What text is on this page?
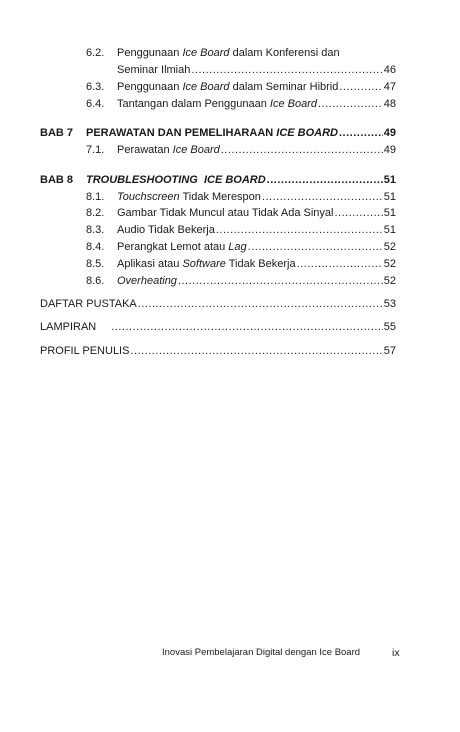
6.2. Penggunaan Ice Board dalam Konferensi dan
Seminar Ilmiah .....	46
6.3. Penggunaan Ice Board dalam Seminar Hibrid .....	47
6.4. Tantangan dalam Penggunaan Ice Board .....	48
BAB 7 PERAWATAN DAN PEMELIHARAAN ICE BOARD .....	49
7.1. Perawatan Ice Board .....	49
BAB 8 TROUBLESHOOTING  ICE BOARD .....	51
8.1. Touchscreen Tidak Merespon .....	51
8.2. Gambar Tidak Muncul atau Tidak Ada Sinyal .....	51
8.3. Audio Tidak Bekerja .....	51
8.4. Perangkat Lemot atau Lag .....	52
8.5. Aplikasi atau Software Tidak Bekerja .....	52
8.6. Overheating .....	52
DAFTAR PUSTAKA .....	53
LAMPIRAN .....	55
PROFIL PENULIS .....	57
Inovasi Pembelajaran Digital dengan Ice Board	ix
